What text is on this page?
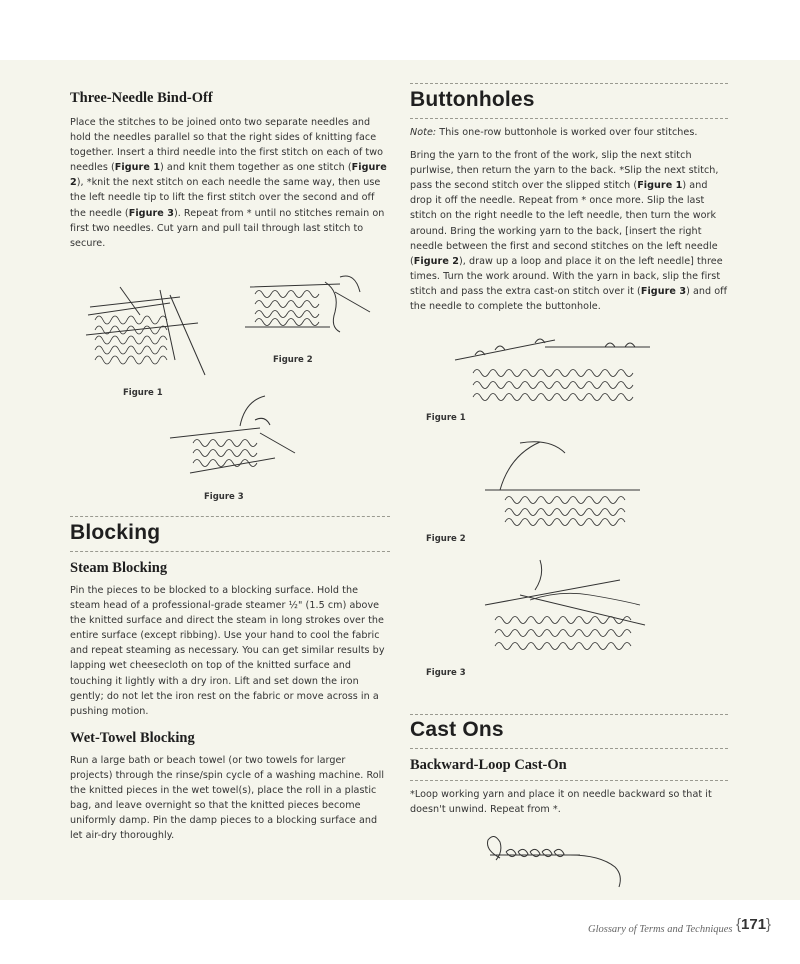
Three-Needle Bind-Off

Place the stitches to be joined onto two separate needles and hold the needles parallel so that the right sides of knitting face together. Insert a third needle into the first stitch on each of two needles (Figure 1) and knit them together as one stitch (Figure 2), *knit the next stitch on each needle the same way, then use the left needle tip to lift the first stitch over the second and off the needle (Figure 3). Repeat from * until no stitches remain on first two needles. Cut yarn and pull tail through last stitch to secure.

Figure 1
Figure 2
Figure 3
Blocking
Steam Blocking

Pin the pieces to be blocked to a blocking surface. Hold the steam head of a professional-grade steamer ½" (1.5 cm) above the knitted surface and direct the steam in long strokes over the entire surface (except ribbing). Use your hand to cool the fabric and repeat steaming as necessary. You can get similar results by lapping wet cheesecloth on top of the knitted surface and touching it lightly with a dry iron. Lift and set down the iron gently; do not let the iron rest on the fabric or move across in a pushing motion.

Wet-Towel Blocking

Run a large bath or beach towel (or two towels for larger projects) through the rinse/spin cycle of a washing machine. Roll the knitted pieces in the wet towel(s), place the roll in a plastic bag, and leave overnight so that the knitted pieces become uniformly damp. Pin the damp pieces to a blocking surface and let air-dry thoroughly.

Buttonholes

Note: This one-row buttonhole is worked over four stitches.

Bring the yarn to the front of the work, slip the next stitch purlwise, then return the yarn to the back. *Slip the next stitch, pass the second stitch over the slipped stitch (Figure 1) and drop it off the needle. Repeat from * once more. Slip the last stitch on the right needle to the left needle, then turn the work around. Bring the working yarn to the back, [insert the right needle between the first and second stitches on the left needle (Figure 2), draw up a loop and place it on the left needle] three times. Turn the work around. With the yarn in back, slip the first stitch and pass the extra cast-on stitch over it (Figure 3) and off the needle to complete the buttonhole.

Figure 1
Figure 2
Figure 3
Cast Ons
Backward-Loop Cast-On

*Loop working yarn and place it on needle backward so that it doesn't unwind. Repeat from *.

Glossary of Terms and Techniques {171}
